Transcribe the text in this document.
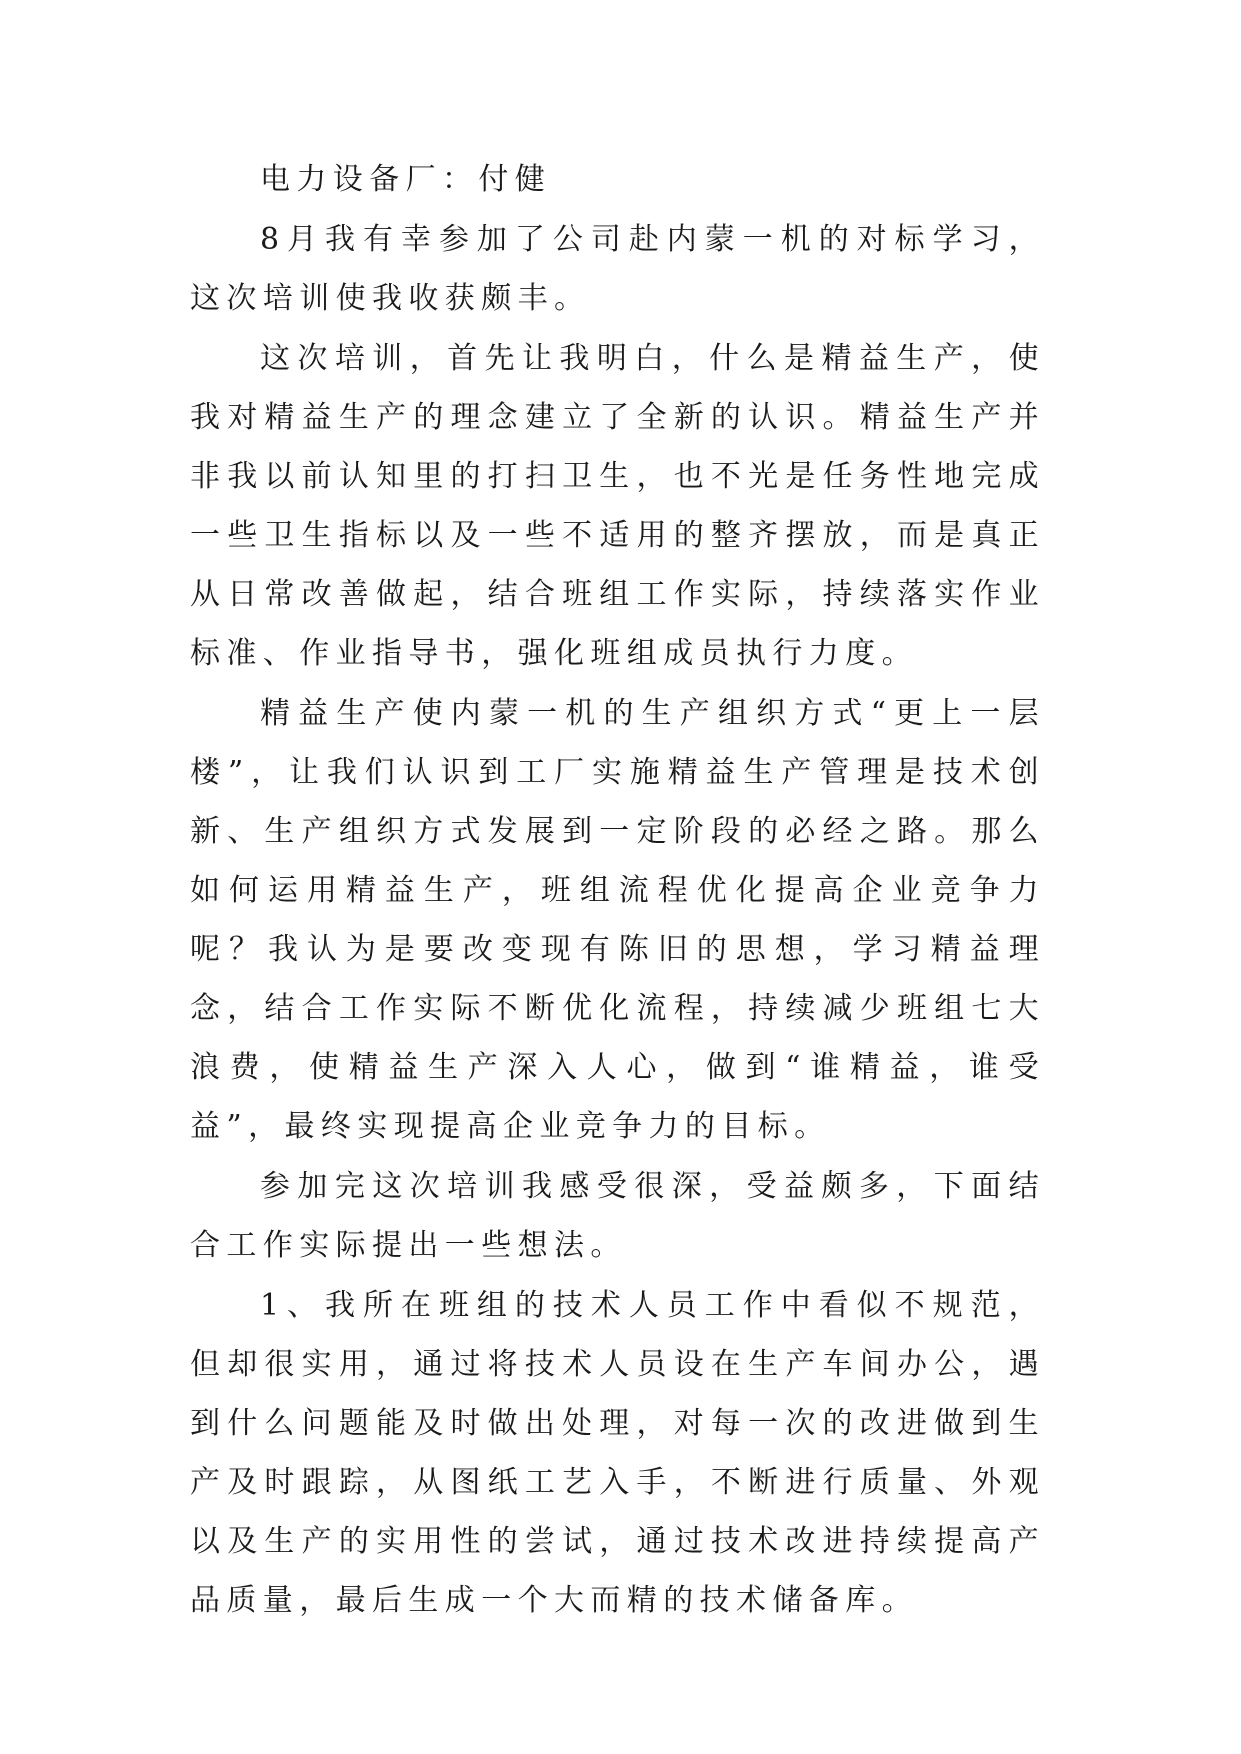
电力设备厂：付健

8月我有幸参加了公司赴内蒙一机的对标学习，这次培训使我收获颇丰。

这次培训，首先让我明白，什么是精益生产，使我对精益生产的理念建立了全新的认识。精益生产并非我以前认知里的打扫卫生，也不光是任务性地完成一些卫生指标以及一些不适用的整齐摆放，而是真正从日常改善做起，结合班组工作实际，持续落实作业标准、作业指导书，强化班组成员执行力度。

精益生产使内蒙一机的生产组织方式“更上一层楼”，让我们认识到工厂实施精益生产管理是技术创新、生产组织方式发展到一定阶段的必经之路。那么如何运用精益生产，班组流程优化提高企业竞争力呢？我认为是要改变现有陈旧的思想，学习精益理念，结合工作实际不断优化流程，持续减少班组七大浪费，使精益生产深入人心，做到“谁精益，谁受益”，最终实现提高企业竞争力的目标。

参加完这次培训我感受很深，受益颇多，下面结合工作实际提出一些想法。

1、我所在班组的技术人员工作中看似不规范，但却很实用，通过将技术人员设在生产车间办公，遇到什么问题能及时做出处理，对每一次的改进做到生产及时跟踪，从图纸工艺入手，不断进行质量、外观以及生产的实用性的尝试，通过技术改进持续提高产品质量，最后生成一个大而精的技术储备库。
